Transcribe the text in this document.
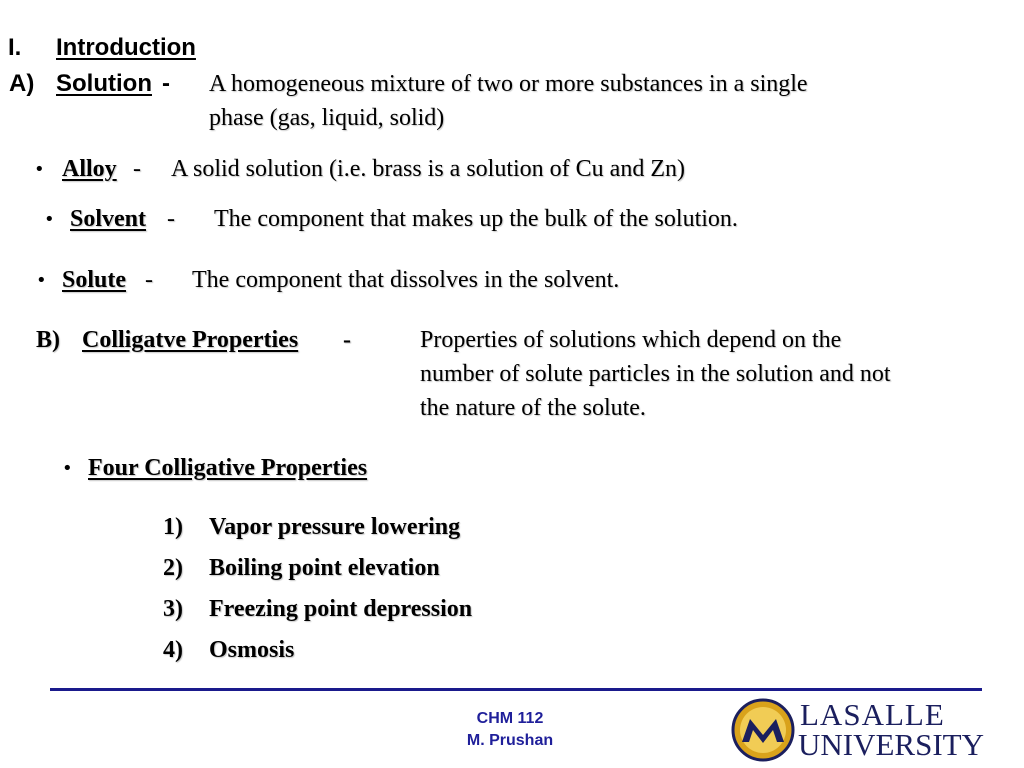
I. Introduction
A) Solution - A homogeneous mixture of two or more substances in a single
phase (gas, liquid, solid)
• Alloy - A solid solution (i.e. brass is a solution of Cu and Zn)
• Solvent - The component that makes up the bulk of the solution.
• Solute - The component that dissolves in the solvent.
B) Colligatve Properties -	Properties of solutions which depend on the
number of solute particles in the solution and not
the nature of the solute.
• Four Colligative Properties
1) Vapor pressure lowering
2) Boiling point elevation
3) Freezing point depression
4) Osmosis
CHM 112
M. Prushan
LASALLE
UNIVERSITY
